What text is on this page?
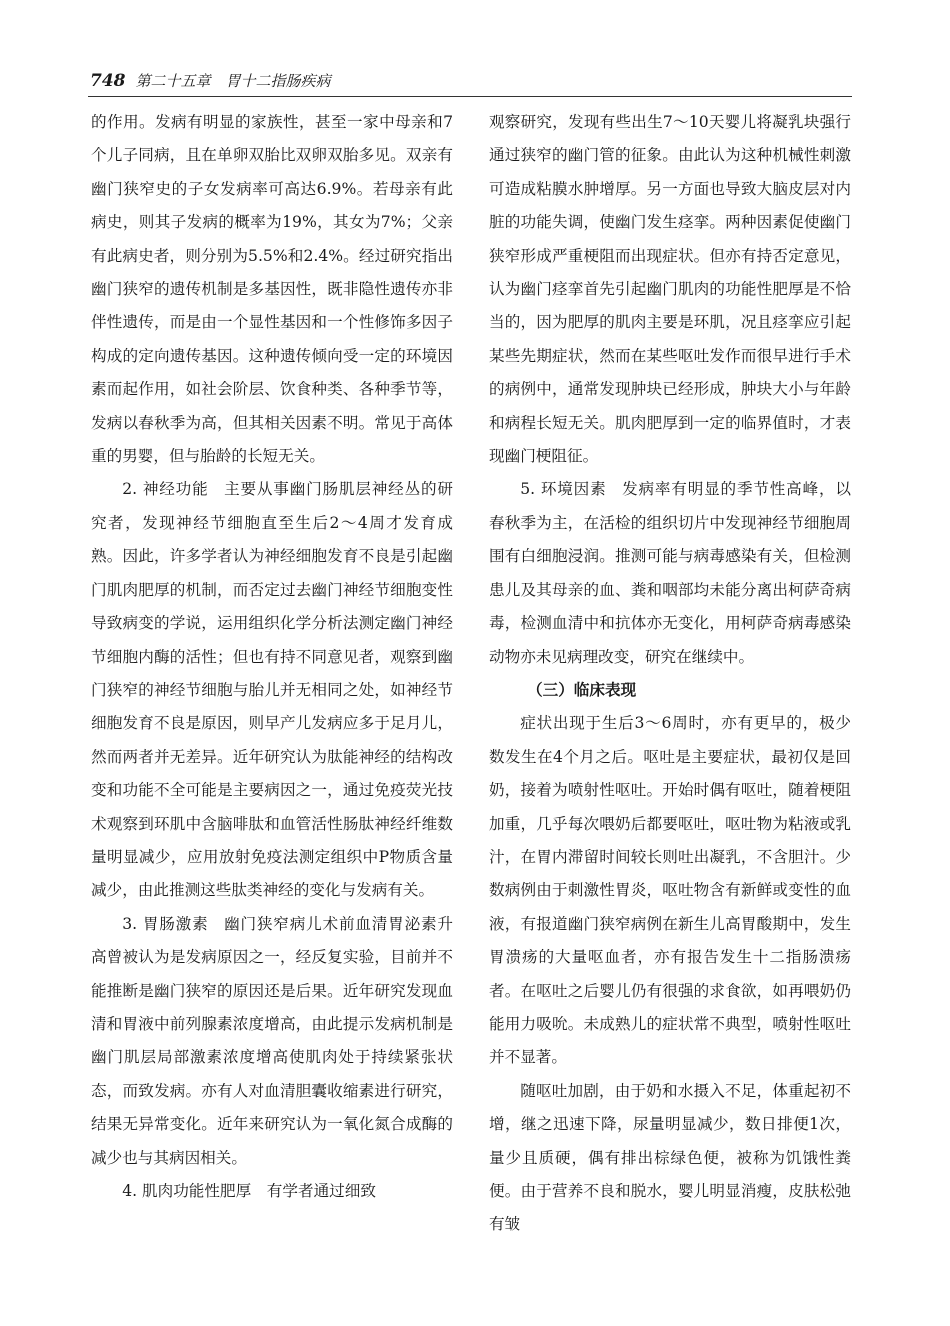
748 第二十五章　胃十二指肠疾病

的作用。发病有明显的家族性，甚至一家中母亲和7个儿子同病，且在单卵双胎比双卵双胎多见。双亲有幽门狭窄史的子女发病率可高达6.9%。若母亲有此病史，则其子发病的概率为19%，其女为7%；父亲有此病史者，则分别为5.5%和2.4%。经过研究指出幽门狭窄的遗传机制是多基因性，既非隐性遗传亦非伴性遗传，而是由一个显性基因和一个性修饰多因子构成的定向遗传基因。这种遗传倾向受一定的环境因素而起作用，如社会阶层、饮食种类、各种季节等，发病以春秋季为高，但其相关因素不明。常见于高体重的男婴，但与胎龄的长短无关。

2. 神经功能 主要从事幽门肠肌层神经丛的研究者，发现神经节细胞直至生后2～4周才发育成熟。因此，许多学者认为神经细胞发育不良是引起幽门肌肉肥厚的机制，而否定过去幽门神经节细胞变性导致病变的学说，运用组织化学分析法测定幽门神经节细胞内酶的活性；但也有持不同意见者，观察到幽门狭窄的神经节细胞与胎儿并无相同之处，如神经节细胞发育不良是原因，则早产儿发病应多于足月儿，然而两者并无差异。近年研究认为肽能神经的结构改变和功能不全可能是主要病因之一，通过免疫荧光技术观察到环肌中含脑啡肽和血管活性肠肽神经纤维数量明显减少，应用放射免疫法测定组织中P物质含量减少，由此推测这些肽类神经的变化与发病有关。

3. 胃肠激素 幽门狭窄病儿术前血清胃泌素升高曾被认为是发病原因之一，经反复实验，目前并不能推断是幽门狭窄的原因还是后果。近年研究发现血清和胃液中前列腺素浓度增高，由此提示发病机制是幽门肌层局部激素浓度增高使肌肉处于持续紧张状态，而致发病。亦有人对血清胆囊收缩素进行研究，结果无异常变化。近年来研究认为一氧化氮合成酶的减少也与其病因相关。

4. 肌肉功能性肥厚 有学者通过细致

观察研究，发现有些出生7～10天婴儿将凝乳块强行通过狭窄的幽门管的征象。由此认为这种机械性刺激可造成粘膜水肿增厚。另一方面也导致大脑皮层对内脏的功能失调，使幽门发生痉挛。两种因素促使幽门狭窄形成严重梗阻而出现症状。但亦有持否定意见，认为幽门痉挛首先引起幽门肌肉的功能性肥厚是不恰当的，因为肥厚的肌肉主要是环肌，况且痉挛应引起某些先期症状，然而在某些呕吐发作而很早进行手术的病例中，通常发现肿块已经形成，肿块大小与年龄和病程长短无关。肌肉肥厚到一定的临界值时，才表现幽门梗阻征。

5. 环境因素 发病率有明显的季节性高峰，以春秋季为主，在活检的组织切片中发现神经节细胞周围有白细胞浸润。推测可能与病毒感染有关，但检测患儿及其母亲的血、粪和咽部均未能分离出柯萨奇病毒，检测血清中和抗体亦无变化，用柯萨奇病毒感染动物亦未见病理改变，研究在继续中。

（三）临床表现

症状出现于生后3～6周时，亦有更早的，极少数发生在4个月之后。呕吐是主要症状，最初仅是回奶，接着为喷射性呕吐。开始时偶有呕吐，随着梗阻加重，几乎每次喂奶后都要呕吐，呕吐物为粘液或乳汁，在胃内滞留时间较长则吐出凝乳，不含胆汁。少数病例由于刺激性胃炎，呕吐物含有新鲜或变性的血液，有报道幽门狭窄病例在新生儿高胃酸期中，发生胃溃疡的大量呕血者，亦有报告发生十二指肠溃疡者。在呕吐之后婴儿仍有很强的求食欲，如再喂奶仍能用力吸吮。未成熟儿的症状常不典型，喷射性呕吐并不显著。

随呕吐加剧，由于奶和水摄入不足，体重起初不增，继之迅速下降，尿量明显减少，数日排便1次，量少且质硬，偶有排出棕绿色便，被称为饥饿性粪便。由于营养不良和脱水，婴儿明显消瘦，皮肤松弛有皱
